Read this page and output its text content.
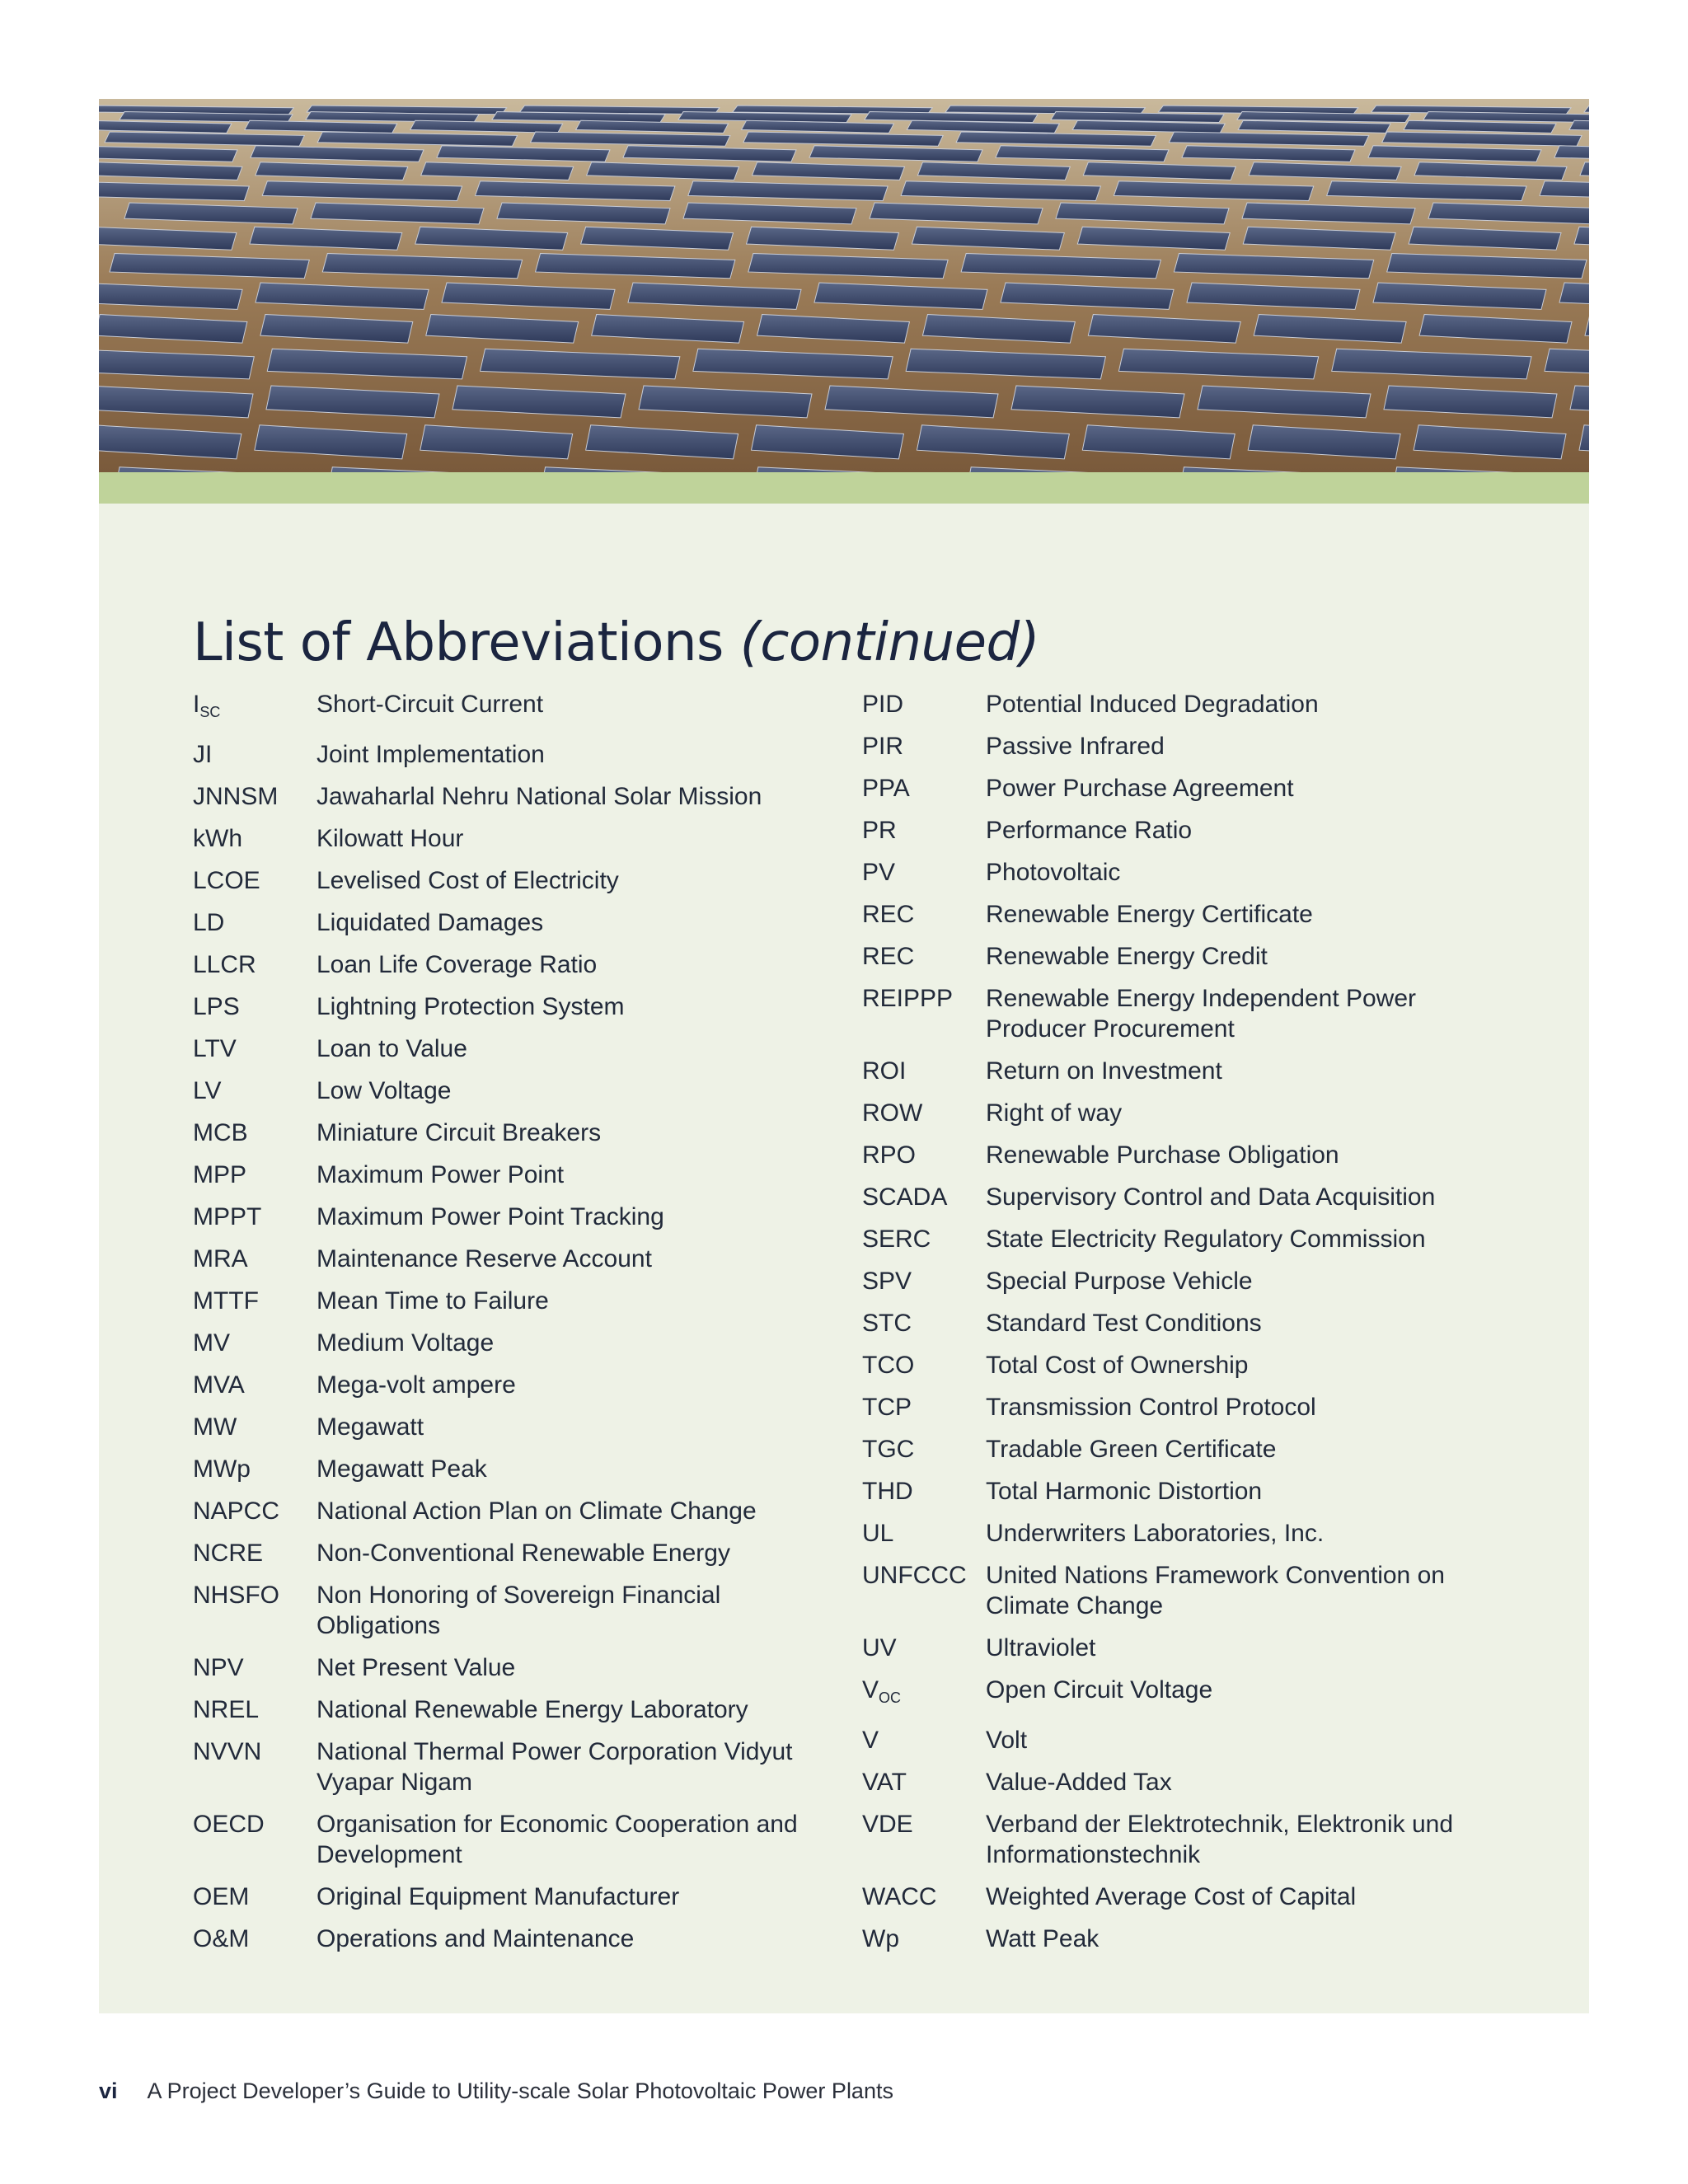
List of Abbreviations (continued)
$I_{SC}$	Short-Circuit Current
JI	Joint Implementation
JNNSM	Jawaharlal Nehru National Solar Mission
kWh	Kilowatt Hour
LCOE	Levelised Cost of Electricity
LD	Liquidated Damages
LLCR	Loan Life Coverage Ratio
LPS	Lightning Protection System
LTV	Loan to Value
LV	Low Voltage
MCB	Miniature Circuit Breakers
MPP	Maximum Power Point
MPPT	Maximum Power Point Tracking
MRA	Maintenance Reserve Account
MTTF	Mean Time to Failure
MV	Medium Voltage
MVA	Mega-volt ampere
MW	Megawatt
MWp	Megawatt Peak
NAPCC	National Action Plan on Climate Change
NCRE	Non-Conventional Renewable Energy
NHSFO	Non Honoring of Sovereign Financial Obligations
NPV	Net Present Value
NREL	National Renewable Energy Laboratory
NVVN	National Thermal Power Corporation Vidyut Vyapar Nigam
OECD	Organisation for Economic Cooperation and Development
OEM	Original Equipment Manufacturer
O&M	Operations and Maintenance
PID	Potential Induced Degradation
PIR	Passive Infrared
PPA	Power Purchase Agreement
PR	Performance Ratio
PV	Photovoltaic
REC	Renewable Energy Certificate
REC	Renewable Energy Credit
REIPPP	Renewable Energy Independent Power Producer Procurement
ROI	Return on Investment
ROW	Right of way
RPO	Renewable Purchase Obligation
SCADA	Supervisory Control and Data Acquisition
SERC	State Electricity Regulatory Commission
SPV	Special Purpose Vehicle
STC	Standard Test Conditions
TCO	Total Cost of Ownership
TCP	Transmission Control Protocol
TGC	Tradable Green Certificate
THD	Total Harmonic Distortion
UL	Underwriters Laboratories, Inc.
UNFCCC United Nations Framework Convention on Climate Change
UV	Ultraviolet
$V_{OC}$	Open Circuit Voltage
V	Volt
VAT	Value-Added Tax
VDE	Verband der Elektrotechnik, Elektronik und Informationstechnik
WACC	Weighted Average Cost of Capital
Wp	Watt Peak
vi A Project Developer’s Guide to Utility-scale Solar Photovoltaic Power Plants
